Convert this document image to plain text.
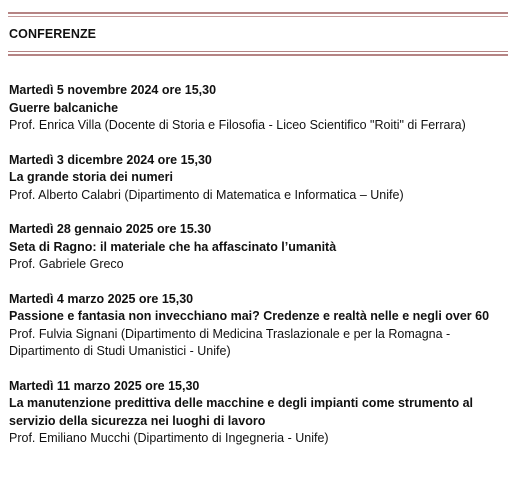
CONFERENZE
Martedì 5 novembre 2024 ore 15,30
Guerre balcaniche
Prof. Enrica Villa (Docente di Storia e Filosofia - Liceo Scientifico "Roiti" di Ferrara)
Martedì 3 dicembre 2024 ore 15,30
La grande storia dei numeri
Prof. Alberto Calabri (Dipartimento di Matematica e Informatica – Unife)
Martedì 28 gennaio 2025 ore 15.30
Seta di Ragno: il materiale che ha affascinato l’umanità
Prof. Gabriele Greco
Martedì 4 marzo 2025 ore 15,30
Passione e fantasia non invecchiano mai? Credenze e realtà nelle e negli over 60
Prof. Fulvia Signani (Dipartimento di Medicina Traslazionale e per la Romagna - Dipartimento di Studi Umanistici - Unife)
Martedì 11 marzo 2025 ore 15,30
La manutenzione predittiva delle macchine e degli impianti come strumento al servizio della sicurezza nei luoghi di lavoro
Prof. Emiliano Mucchi (Dipartimento di Ingegneria - Unife)
